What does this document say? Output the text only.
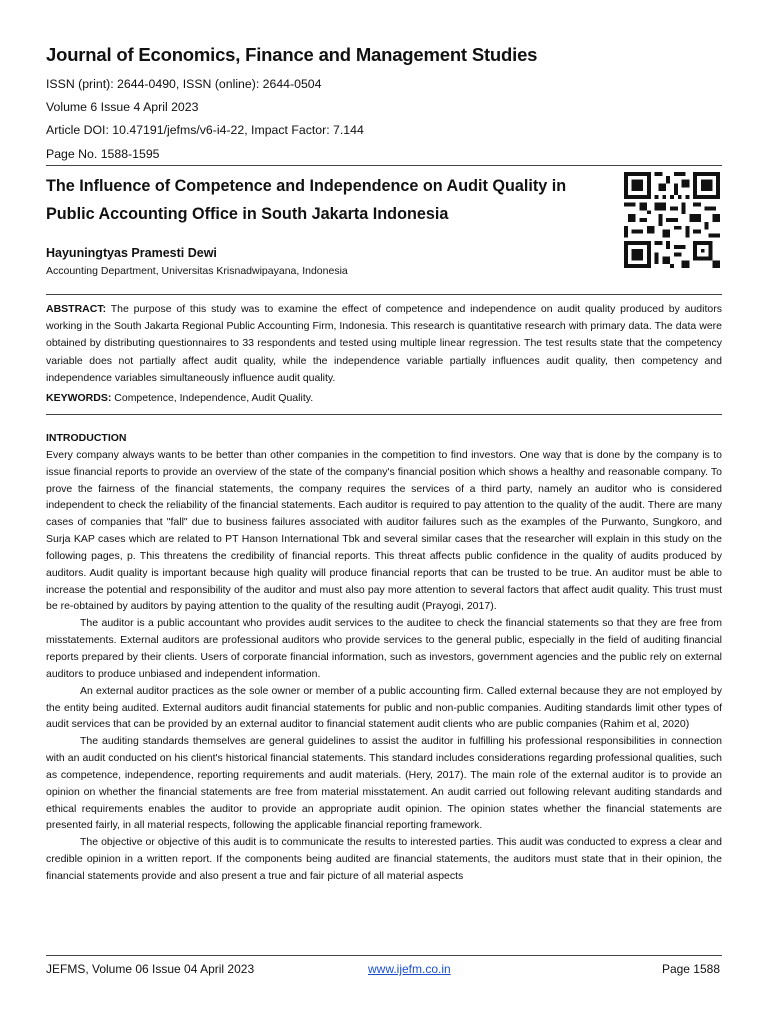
Journal of Economics, Finance and Management Studies
ISSN (print): 2644-0490, ISSN (online): 2644-0504
Volume 6 Issue 4 April 2023
Article DOI: 10.47191/jefms/v6-i4-22, Impact Factor: 7.144
Page No. 1588-1595
The Influence of Competence and Independence on Audit Quality in Public Accounting Office in South Jakarta Indonesia
Hayuningtyas Pramesti Dewi
Accounting Department, Universitas Krisnadwipayana, Indonesia
ABSTRACT: The purpose of this study was to examine the effect of competence and independence on audit quality produced by auditors working in the South Jakarta Regional Public Accounting Firm, Indonesia. This research is quantitative research with primary data. The data were obtained by distributing questionnaires to 33 respondents and tested using multiple linear regression. The test results state that the competency variable does not partially affect audit quality, while the independence variable partially influences audit quality, then competency and independence variables simultaneously influence audit quality.
KEYWORDS: Competence, Independence, Audit Quality.
INTRODUCTION

Every company always wants to be better than other companies in the competition to find investors. One way that is done by the company is to issue financial reports to provide an overview of the state of the company's financial position which shows a healthy and reasonable company. To prove the fairness of the financial statements, the company requires the services of a third party, namely an auditor who is considered independent to check the reliability of the financial statements. Each auditor is required to pay attention to the quality of the audit. There are many cases of companies that "fall" due to business failures associated with auditor failures such as the examples of the Purwanto, Sungkoro, and Surja KAP cases which are related to PT Hanson International Tbk and several similar cases that the researcher will explain in this study on the following pages, p. This threatens the credibility of financial reports. This threat affects public confidence in the quality of audits produced by auditors. Audit quality is important because high quality will produce financial reports that can be trusted to be true. An auditor must be able to increase the potential and responsibility of the auditor and must also pay more attention to several factors that affect audit quality. This trust must be re-obtained by auditors by paying attention to the quality of the resulting audit (Prayogi, 2017).

The auditor is a public accountant who provides audit services to the auditee to check the financial statements so that they are free from misstatements. External auditors are professional auditors who provide services to the general public, especially in the field of auditing financial reports prepared by their clients. Users of corporate financial information, such as investors, government agencies and the public rely on external auditors to produce unbiased and independent information.

An external auditor practices as the sole owner or member of a public accounting firm. Called external because they are not employed by the entity being audited. External auditors audit financial statements for public and non-public companies. Auditing standards limit other types of audit services that can be provided by an external auditor to financial statement audit clients who are public companies (Rahim et al, 2020)

The auditing standards themselves are general guidelines to assist the auditor in fulfilling his professional responsibilities in connection with an audit conducted on his client's historical financial statements. This standard includes considerations regarding professional qualities, such as competence, independence, reporting requirements and audit materials. (Hery, 2017). The main role of the external auditor is to provide an opinion on whether the financial statements are free from material misstatement. An audit carried out following relevant auditing standards and ethical requirements enables the auditor to provide an appropriate audit opinion. The opinion states whether the financial statements are presented fairly, in all material respects, following the applicable financial reporting framework.

The objective or objective of this audit is to communicate the results to interested parties. This audit was conducted to express a clear and credible opinion in a written report. If the components being audited are financial statements, the auditors must state that in their opinion, the financial statements provide and also present a true and fair picture of all material aspects

JEFMS, Volume 06 Issue 04 April 2023	www.ijefm.co.in	Page 1588
